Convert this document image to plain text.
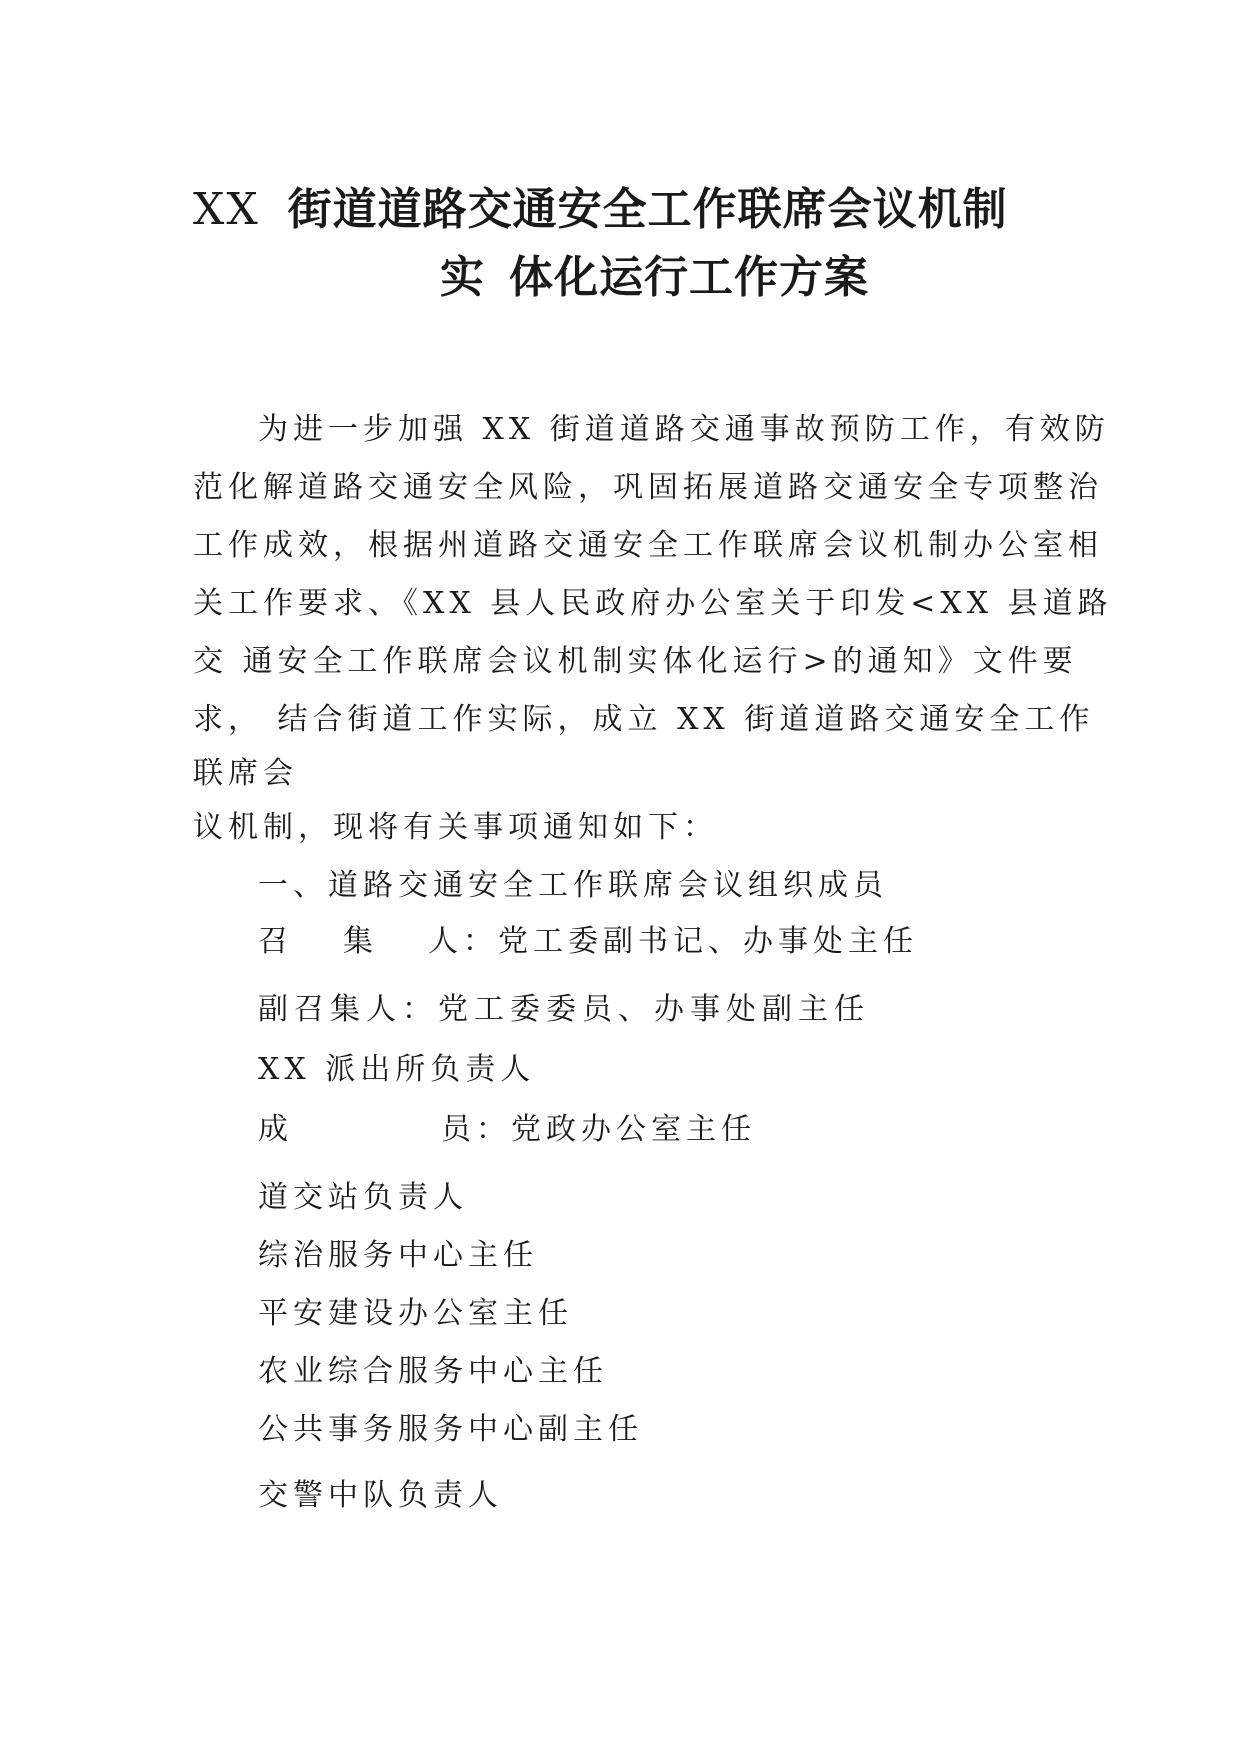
XX 街道道路交通安全工作联席会议机制
实 体化运行工作方案
为进一步加强 XX 街道道路交通事故预防工作，有效防
范化解道路交通安全风险，巩固拓展道路交通安全专项整治
工作成效，根据州道路交通安全工作联席会议机制办公室相
关工作要求、《XX 县人民政府办公室关于印发<XX 县道路
交 通安全工作联席会议机制实体化运行>的通知》文件要
求， 结合街道工作实际，成立 XX 街道道路交通安全工作
联席会
议机制，现将有关事项通知如下：
一、道路交通安全工作联席会议组织成员
召 集 人：党工委副书记、办事处主任
副召集人：党工委委员、办事处副主任
XX 派出所负责人
成	员：党政办公室主任
道交站负责人
综治服务中心主任
平安建设办公室主任
农业综合服务中心主任
公共事务服务中心副主任
交警中队负责人
